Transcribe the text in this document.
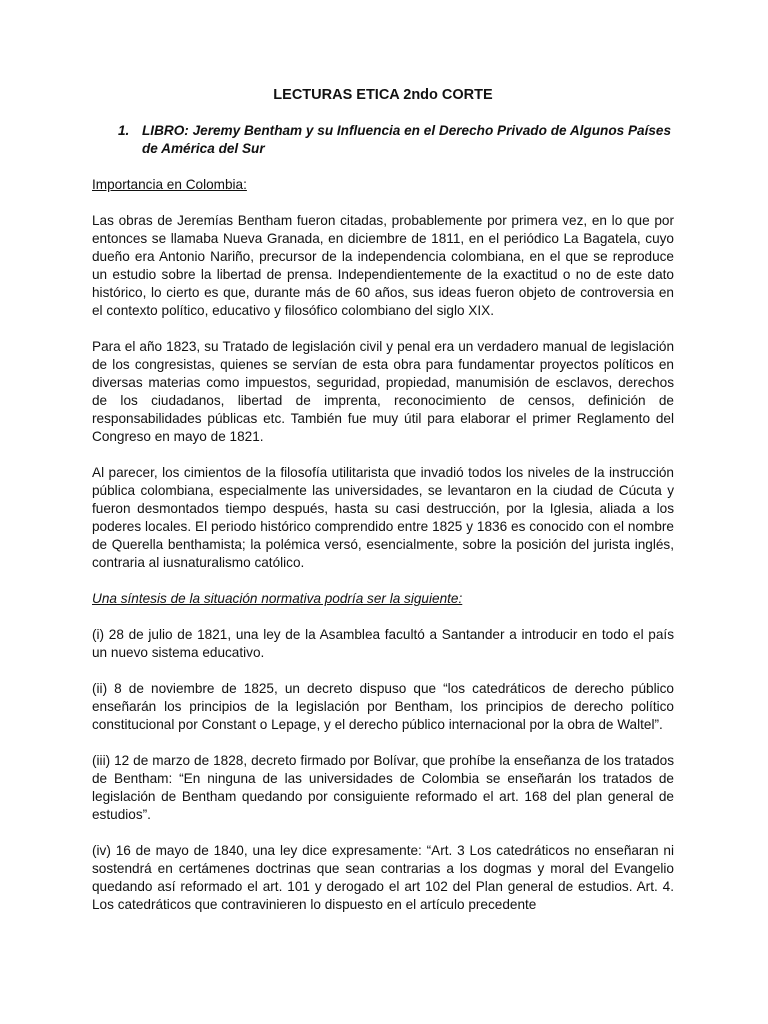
LECTURAS ETICA 2ndo CORTE
1. LIBRO: Jeremy Bentham y su Influencia en el Derecho Privado de Algunos Países de América del Sur
Importancia en Colombia:

Las obras de Jeremías Bentham fueron citadas, probablemente por primera vez, en lo que por entonces se llamaba Nueva Granada, en diciembre de 1811, en el periódico La Bagatela, cuyo dueño era Antonio Nariño, precursor de la independencia colombiana, en el que se reproduce un estudio sobre la libertad de prensa. Independientemente de la exactitud o no de este dato histórico, lo cierto es que, durante más de 60 años, sus ideas fueron objeto de controversia en el contexto político, educativo y filosófico colombiano del siglo XIX.

Para el año 1823, su Tratado de legislación civil y penal era un verdadero manual de legislación de los congresistas, quienes se servían de esta obra para fundamentar proyectos políticos en diversas materias como impuestos, seguridad, propiedad, manumisión de esclavos, derechos de los ciudadanos, libertad de imprenta, reconocimiento de censos, definición de responsabilidades públicas etc. También fue muy útil para elaborar el primer Reglamento del Congreso en mayo de 1821.

Al parecer, los cimientos de la filosofía utilitarista que invadió todos los niveles de la instrucción pública colombiana, especialmente las universidades, se levantaron en la ciudad de Cúcuta y fueron desmontados tiempo después, hasta su casi destrucción, por la Iglesia, aliada a los poderes locales. El periodo histórico comprendido entre 1825 y 1836 es conocido con el nombre de Querella benthamista; la polémica versó, esencialmente, sobre la posición del jurista inglés, contraria al iusnaturalismo católico.

Una síntesis de la situación normativa podría ser la siguiente:

(i) 28 de julio de 1821, una ley de la Asamblea facultó a Santander a introducir en todo el país un nuevo sistema educativo.

(ii) 8 de noviembre de 1825, un decreto dispuso que “los catedráticos de derecho público enseñarán los principios de la legislación por Bentham, los principios de derecho político constitucional por Constant o Lepage, y el derecho público internacional por la obra de Waltel”.

(iii) 12 de marzo de 1828, decreto firmado por Bolívar, que prohíbe la enseñanza de los tratados de Bentham: “En ninguna de las universidades de Colombia se enseñarán los tratados de legislación de Bentham quedando por consiguiente reformado el art. 168 del plan general de estudios”.

(iv) 16 de mayo de 1840, una ley dice expresamente: “Art. 3 Los catedráticos no enseñaran ni sostendrá en certámenes doctrinas que sean contrarias a los dogmas y moral del Evangelio quedando así reformado el art. 101 y derogado el art 102 del Plan general de estudios. Art. 4. Los catedráticos que contravinieren lo dispuesto en el artículo precedente
